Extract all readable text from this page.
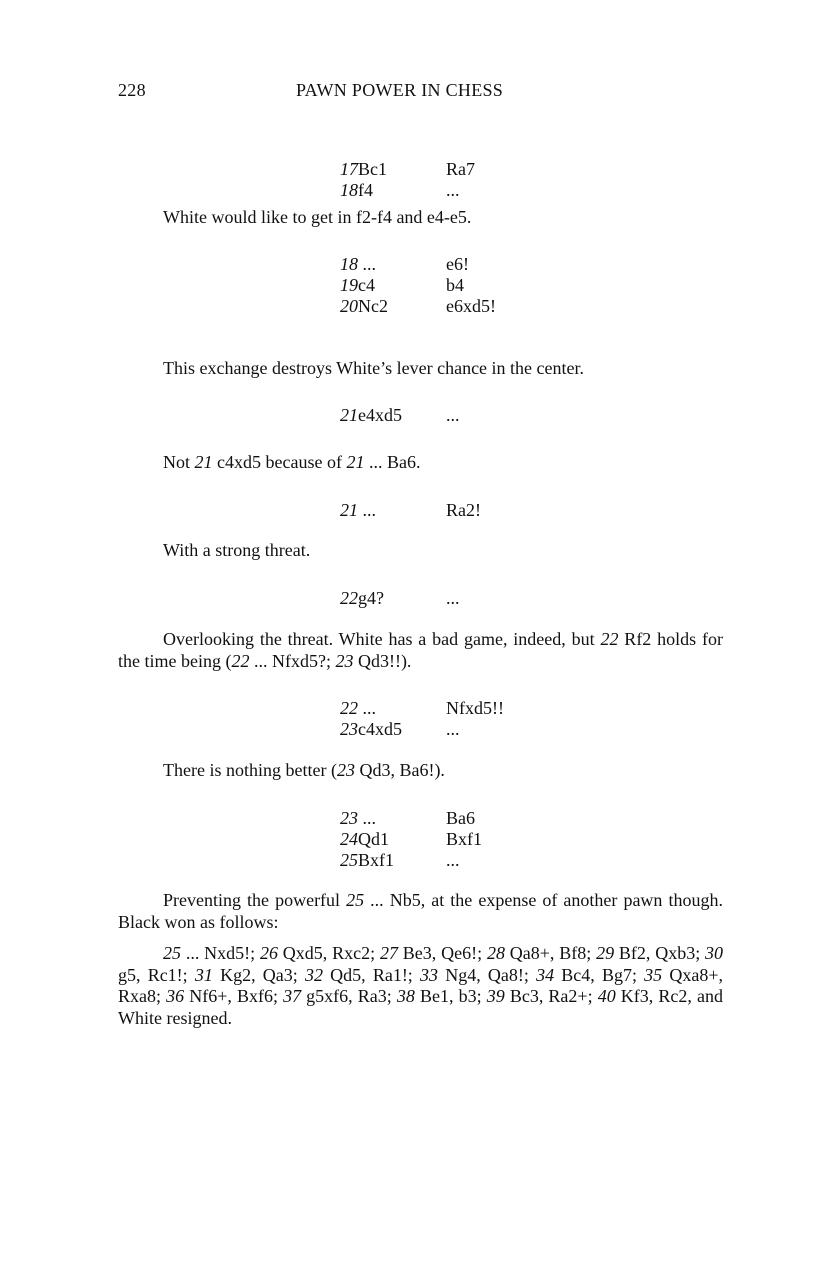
228	PAWN POWER IN CHESS
17Bc1	Ra7
18f4	...
White would like to get in f2-f4 and e4-e5.
18 ...	e6!
19c4	b4
20Nc2	e6xd5!
This exchange destroys White’s lever chance in the center.
21e4xd5	...
Not 21 c4xd5 because of 21 ... Ba6.
21 ...	Ra2!
With a strong threat.
22g4?	...
Overlooking the threat. White has a bad game, indeed, but 22 Rf2 holds for the time being (22 ... Nfxd5?; 23 Qd3!!).
22 ...	Nfxd5!!
23c4xd5	...
There is nothing better (23 Qd3, Ba6!).
23 ...	Ba6
24Qd1	Bxf1
25Bxf1	...
Preventing the powerful 25 ... Nb5, at the expense of another pawn though. Black won as follows:
25 ... Nxd5!; 26 Qxd5, Rxc2; 27 Be3, Qe6!; 28 Qa8+, Bf8; 29 Bf2, Qxb3; 30 g5, Rc1!; 31 Kg2, Qa3; 32 Qd5, Ra1!; 33 Ng4, Qa8!; 34 Bc4, Bg7; 35 Qxa8+, Rxa8; 36 Nf6+, Bxf6; 37 g5xf6, Ra3; 38 Be1, b3; 39 Bc3, Ra2+; 40 Kf3, Rc2, and White resigned.
